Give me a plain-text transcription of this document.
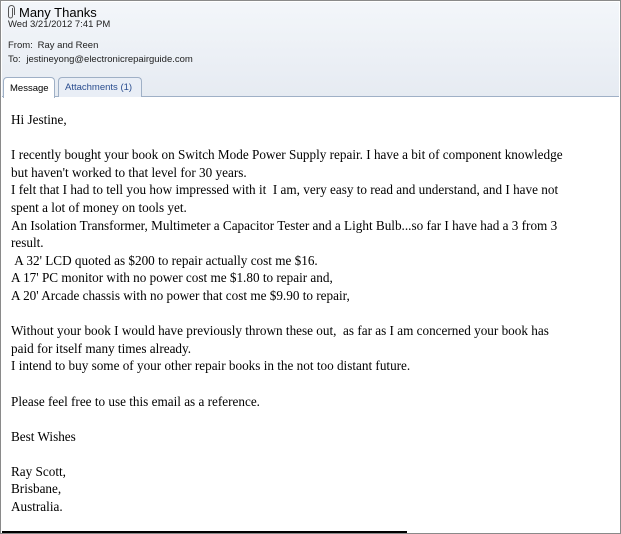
Many Thanks
Wed 3/21/2012 7:41 PM
From: Ray and Reen
To: jestineyong@electronicrepairguide.com
Message	Attachments (1)

Hi Jestine,

I recently bought your book on Switch Mode Power Supply repair. I have a bit of component knowledge

but haven't worked to that level for 30 years.

I felt that I had to tell you how impressed with it  I am, very easy to read and understand, and I have not

spent a lot of money on tools yet.

An Isolation Transformer, Multimeter a Capacitor Tester and a Light Bulb...so far I have had a 3 from 3

result.

A 32' LCD quoted as $200 to repair actually cost me $16.

A 17' PC monitor with no power cost me $1.80 to repair and,

A 20' Arcade chassis with no power that cost me $9.90 to repair,

Without your book I would have previously thrown these out,  as far as I am concerned your book has

paid for itself many times already.

I intend to buy some of your other repair books in the not too distant future.

Please feel free to use this email as a reference.

Best Wishes

Ray Scott,

Brisbane,

Australia.
